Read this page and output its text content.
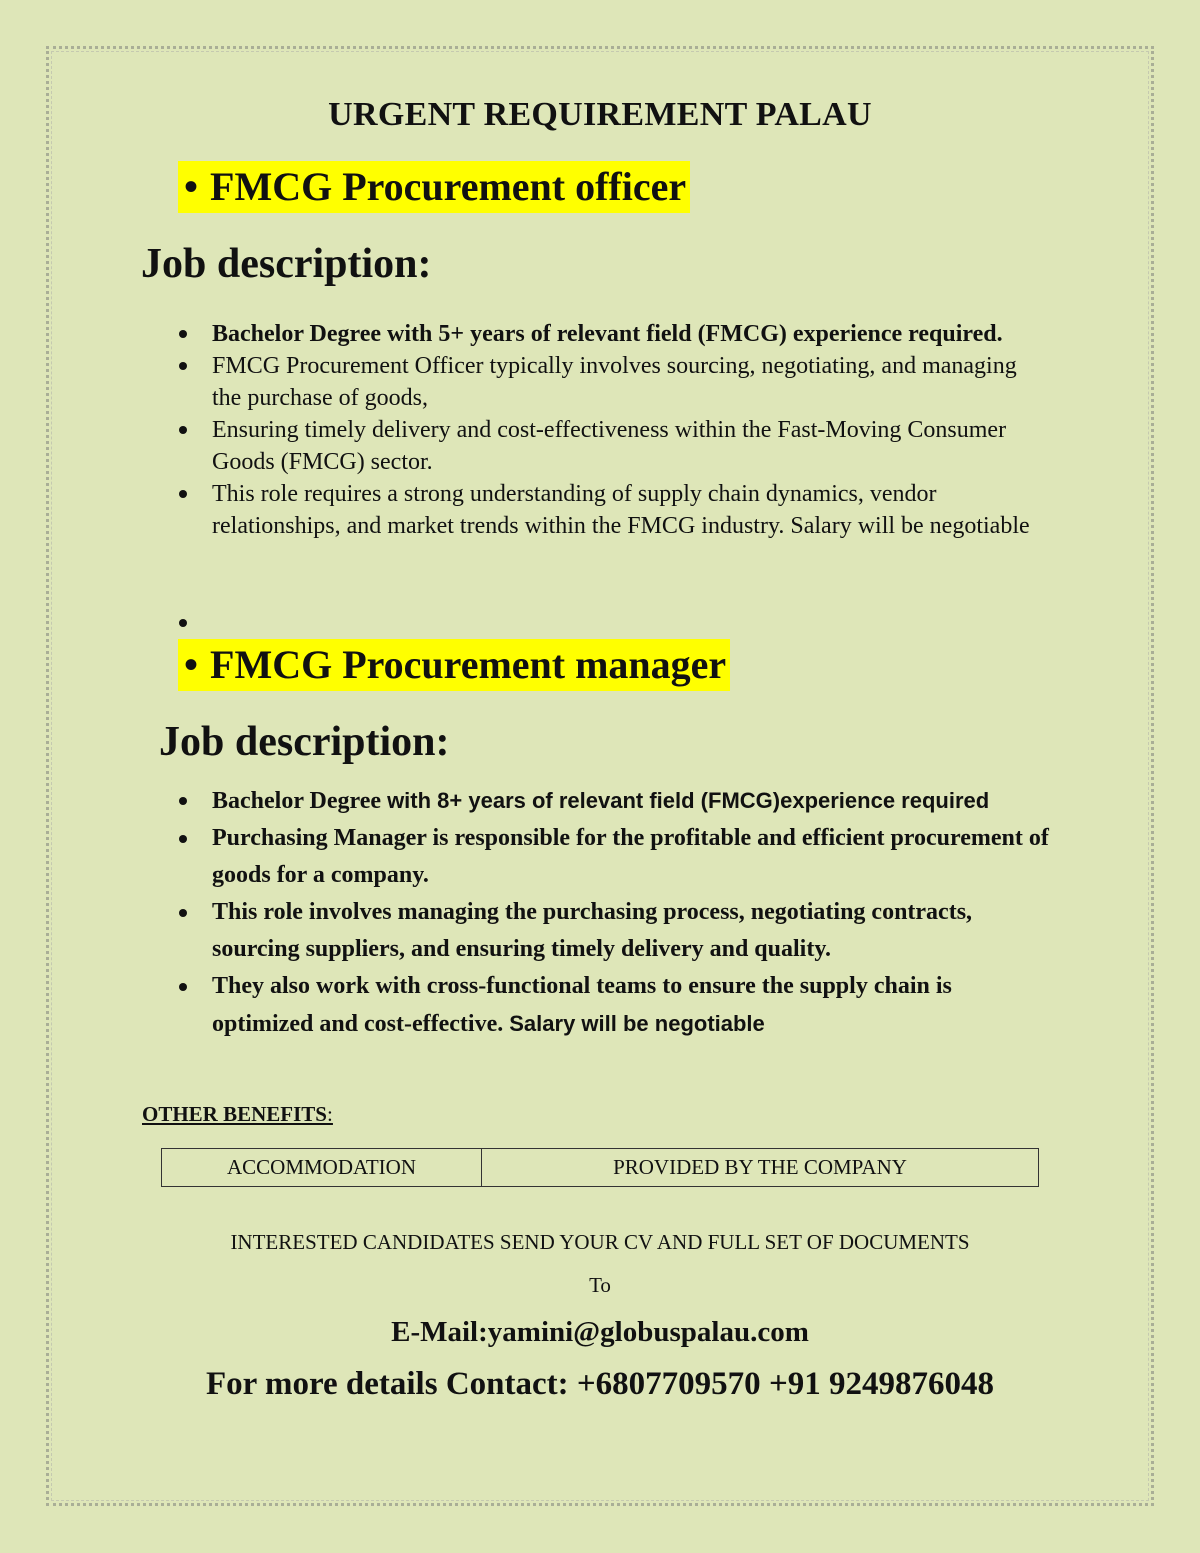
URGENT REQUIREMENT PALAU
• FMCG Procurement officer
Job description:
Bachelor Degree with 5+ years of relevant field (FMCG) experience required.
FMCG Procurement Officer typically involves sourcing, negotiating, and managing the purchase of goods,
Ensuring timely delivery and cost-effectiveness within the Fast-Moving Consumer Goods (FMCG) sector.
This role requires a strong understanding of supply chain dynamics, vendor relationships, and market trends within the FMCG industry. Salary will be negotiable
• FMCG Procurement manager
Job description:
Bachelor Degree with 8+ years of relevant field (FMCG)experience required
Purchasing Manager is responsible for the profitable and efficient procurement of goods for a company.
This role involves managing the purchasing process, negotiating contracts, sourcing suppliers, and ensuring timely delivery and quality.
They also work with cross-functional teams to ensure the supply chain is optimized and cost-effective. Salary will be negotiable
OTHER BENEFITS:
ACCOMMODATION	PROVIDED BY THE COMPANY
INTERESTED CANDIDATES SEND YOUR CV AND FULL SET OF DOCUMENTS
To
E-Mail:yamini@globuspalau.com
For more details Contact: +6807709570 +91 9249876048
